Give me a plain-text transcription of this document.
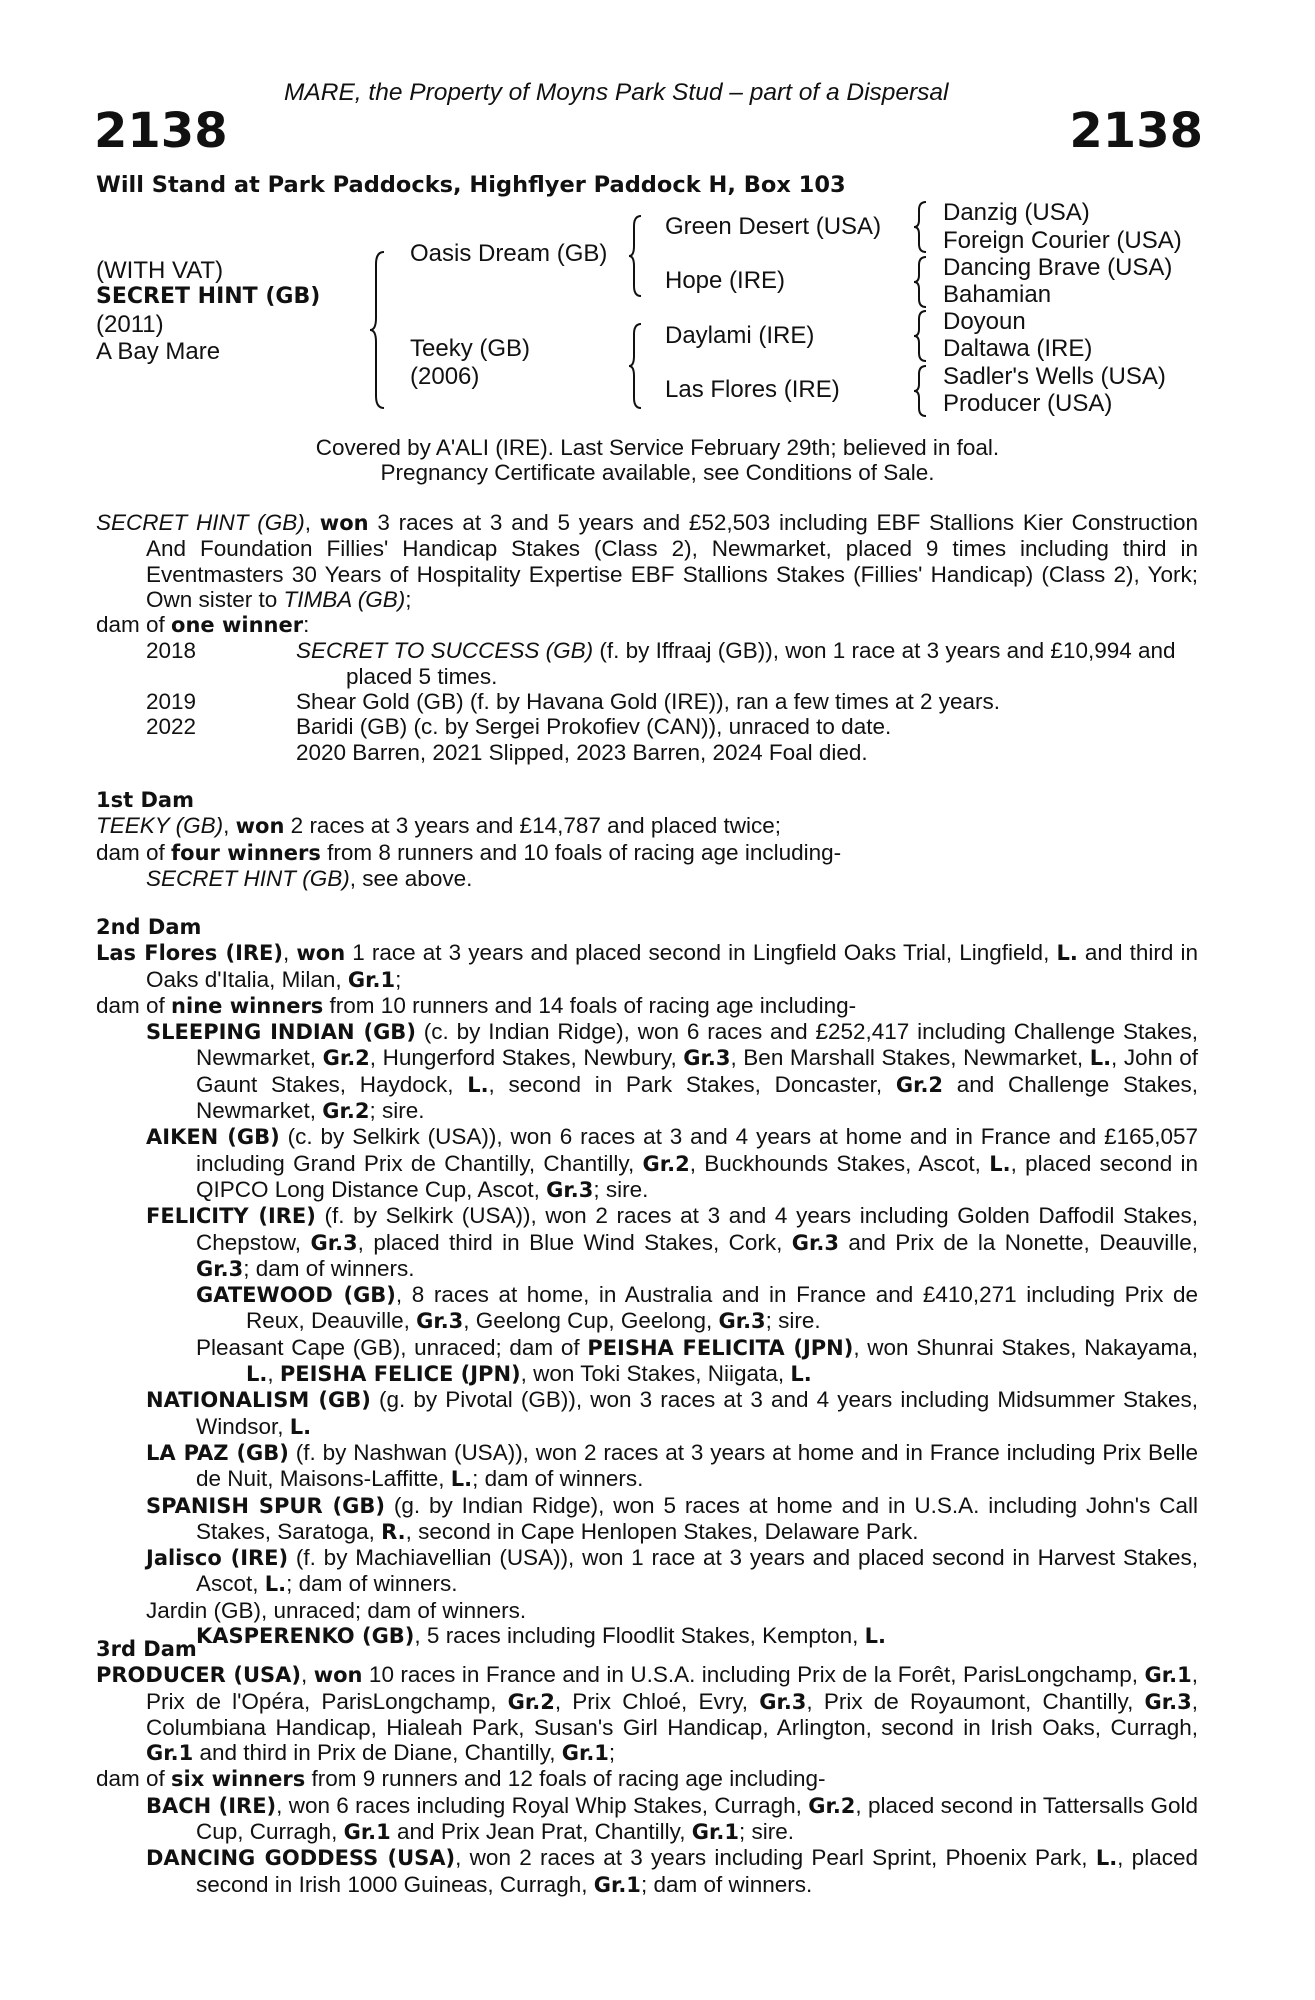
MARE, the Property of Moyns Park Stud – part of a Dispersal
2138	2138
Will Stand at Park Paddocks, Highflyer Paddock H, Box 103
(WITH VAT)
SECRET HINT (GB)
(2011)
A Bay Mare
Oasis Dream (GB)
Teeky (GB)
(2006)
Green Desert (USA)
Hope (IRE)
Daylami (IRE)
Las Flores (IRE)
Danzig (USA)
Foreign Courier (USA)
Dancing Brave (USA)
Bahamian
Doyoun
Daltawa (IRE)
Sadler's Wells (USA)
Producer (USA)
Covered by A'ALI (IRE). Last Service February 29th; believed in foal.
Pregnancy Certificate available, see Conditions of Sale.

SECRET HINT (GB), won 3 races at 3 and 5 years and £52,503 including EBF Stallions Kier Construction And Foundation Fillies' Handicap Stakes (Class 2), Newmarket, placed 9 times including third in Eventmasters 30 Years of Hospitality Expertise EBF Stallions Stakes (Fillies' Handicap) (Class 2), York; Own sister to TIMBA (GB);

dam of one winner:

2018	SECRET TO SUCCESS (GB) (f. by Iffraaj (GB)), won 1 race at 3 years and £10,994 and placed 5 times.
2019	Shear Gold (GB) (f. by Havana Gold (IRE)), ran a few times at 2 years.
2022	Baridi (GB) (c. by Sergei Prokofiev (CAN)), unraced to date.
2020 Barren, 2021 Slipped, 2023 Barren, 2024 Foal died.

1st Dam

TEEKY (GB), won 2 races at 3 years and £14,787 and placed twice;

dam of four winners from 8 runners and 10 foals of racing age including-

SECRET HINT (GB), see above.

2nd Dam

Las Flores (IRE), won 1 race at 3 years and placed second in Lingfield Oaks Trial, Lingfield, L. and third in Oaks d'Italia, Milan, Gr.1;

dam of nine winners from 10 runners and 14 foals of racing age including-

SLEEPING INDIAN (GB) (c. by Indian Ridge), won 6 races and £252,417 including Challenge Stakes, Newmarket, Gr.2, Hungerford Stakes, Newbury, Gr.3, Ben Marshall Stakes, Newmarket, L., John of Gaunt Stakes, Haydock, L., second in Park Stakes, Doncaster, Gr.2 and Challenge Stakes, Newmarket, Gr.2; sire.

AIKEN (GB) (c. by Selkirk (USA)), won 6 races at 3 and 4 years at home and in France and £165,057 including Grand Prix de Chantilly, Chantilly, Gr.2, Buckhounds Stakes, Ascot, L., placed second in QIPCO Long Distance Cup, Ascot, Gr.3; sire.

FELICITY (IRE) (f. by Selkirk (USA)), won 2 races at 3 and 4 years including Golden Daffodil Stakes, Chepstow, Gr.3, placed third in Blue Wind Stakes, Cork, Gr.3 and Prix de la Nonette, Deauville, Gr.3; dam of winners.

GATEWOOD (GB), 8 races at home, in Australia and in France and £410,271 including Prix de Reux, Deauville, Gr.3, Geelong Cup, Geelong, Gr.3; sire.

Pleasant Cape (GB), unraced; dam of PEISHA FELICITA (JPN), won Shunrai Stakes, Nakayama, L., PEISHA FELICE (JPN), won Toki Stakes, Niigata, L.

NATIONALISM (GB) (g. by Pivotal (GB)), won 3 races at 3 and 4 years including Midsummer Stakes, Windsor, L.

LA PAZ (GB) (f. by Nashwan (USA)), won 2 races at 3 years at home and in France including Prix Belle de Nuit, Maisons-Laffitte, L.; dam of winners.

SPANISH SPUR (GB) (g. by Indian Ridge), won 5 races at home and in U.S.A. including John's Call Stakes, Saratoga, R., second in Cape Henlopen Stakes, Delaware Park.

Jalisco (IRE) (f. by Machiavellian (USA)), won 1 race at 3 years and placed second in Harvest Stakes, Ascot, L.; dam of winners.

Jardin (GB), unraced; dam of winners.

KASPERENKO (GB), 5 races including Floodlit Stakes, Kempton, L.

3rd Dam

PRODUCER (USA), won 10 races in France and in U.S.A. including Prix de la Forêt, ParisLongchamp, Gr.1, Prix de l'Opéra, ParisLongchamp, Gr.2, Prix Chloé, Evry, Gr.3, Prix de Royaumont, Chantilly, Gr.3, Columbiana Handicap, Hialeah Park, Susan's Girl Handicap, Arlington, second in Irish Oaks, Curragh, Gr.1 and third in Prix de Diane, Chantilly, Gr.1;

dam of six winners from 9 runners and 12 foals of racing age including-

BACH (IRE), won 6 races including Royal Whip Stakes, Curragh, Gr.2, placed second in Tattersalls Gold Cup, Curragh, Gr.1 and Prix Jean Prat, Chantilly, Gr.1; sire.

DANCING GODDESS (USA), won 2 races at 3 years including Pearl Sprint, Phoenix Park, L., placed second in Irish 1000 Guineas, Curragh, Gr.1; dam of winners.
